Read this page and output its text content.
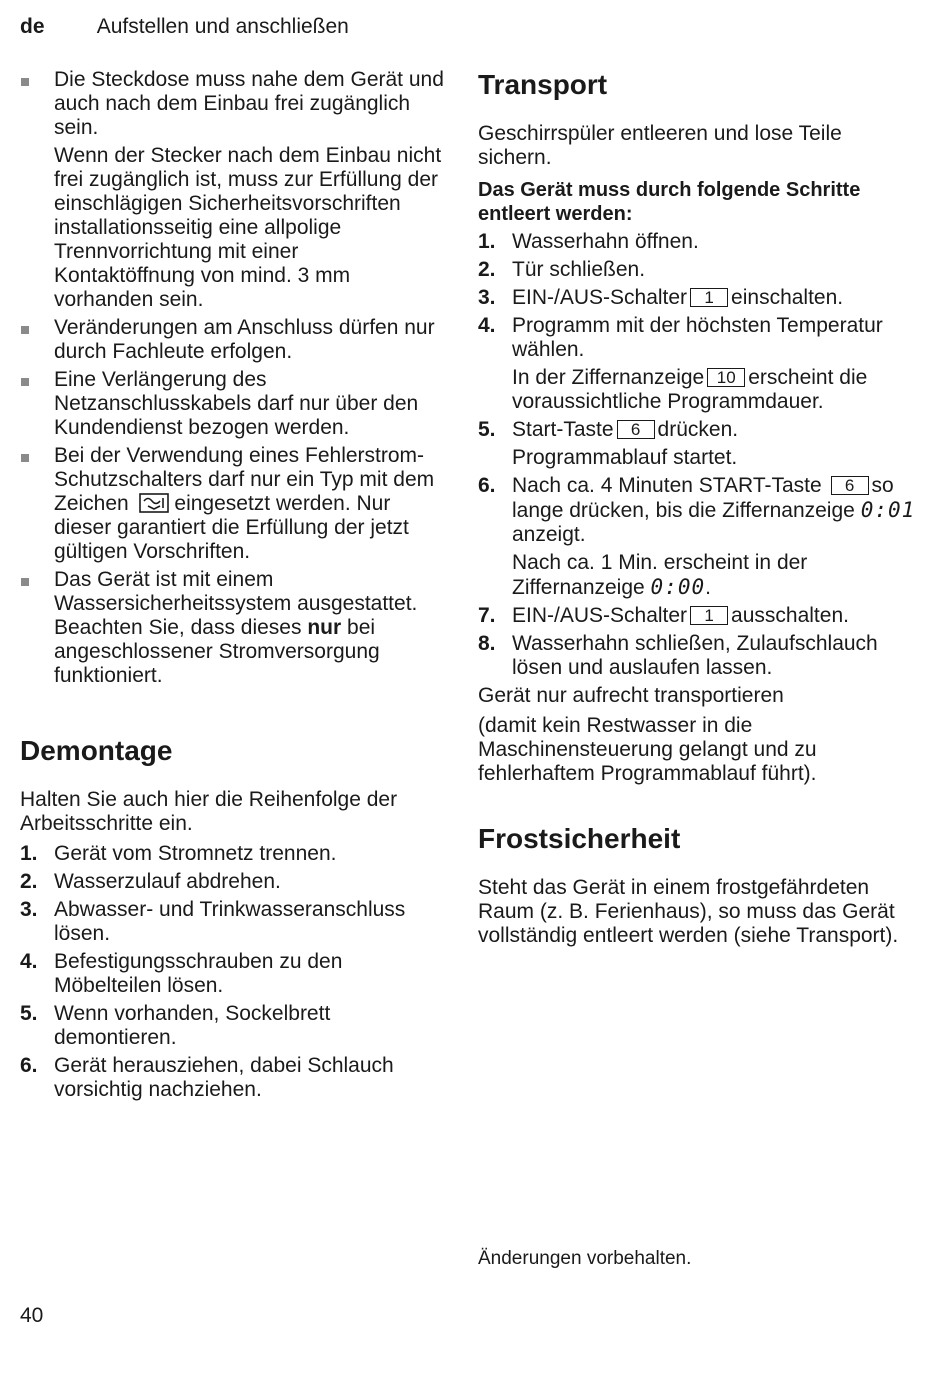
de Aufstellen und anschließen
Die Steckdose muss nahe dem Gerät und auch nach dem Einbau frei zugänglich sein.

Wenn der Stecker nach dem Einbau nicht frei zugänglich ist, muss zur Erfüllung der einschlägigen Sicherheitsvorschriften installationsseitig eine allpolige Trennvorrichtung mit einer Kontaktöffnung von mind. 3 mm vorhanden sein.

Veränderungen am Anschluss dürfen nur durch Fachleute erfolgen.
Eine Verlängerung des Netzanschlusskabels darf nur über den Kundendienst bezogen werden.
Bei der Verwendung eines Fehlerstrom-Schutzschalters darf nur ein Typ mit dem Zeichen eingesetzt werden. Nur dieser garantiert die Erfüllung der jetzt gültigen Vorschriften.
Das Gerät ist mit einem Wassersicherheitssystem ausgestattet. Beachten Sie, dass dieses nur bei angeschlossener Stromversorgung funktioniert.
Demontage

Halten Sie auch hier die Reihenfolge der Arbeitsschritte ein.

1. Gerät vom Stromnetz trennen.
2. Wasserzulauf abdrehen.
3. Abwasser- und Trinkwasseranschluss lösen.
4. Befestigungsschrauben zu den Möbelteilen lösen.
5. Wenn vorhanden, Sockelbrett demontieren.
6. Gerät herausziehen, dabei Schlauch vorsichtig nachziehen.
Transport

Geschirrspüler entleeren und lose Teile sichern.

Das Gerät muss durch folgende Schritte entleert werden:

1. Wasserhahn öffnen.
2. Tür schließen.
3. EIN-/AUS-Schalter 1 einschalten.
4. Programm mit der höchsten Temperatur wählen.

In der Ziffernanzeige 10 erscheint die voraussichtliche Programmdauer.

5. Start-Taste 6 drücken.

Programmablauf startet.

6. Nach ca. 4 Minuten START-Taste 6 so lange drücken, bis die Ziffernanzeige 0:01 anzeigt.

Nach ca. 1 Min. erscheint in der Ziffernanzeige 0:00.

7. EIN-/AUS-Schalter 1 ausschalten.
8. Wasserhahn schließen, Zulaufschlauch lösen und auslaufen lassen.

Gerät nur aufrecht transportieren

(damit kein Restwasser in die Maschinensteuerung gelangt und zu fehlerhaftem Programmablauf führt).

Frostsicherheit

Steht das Gerät in einem frostgefährdeten Raum (z. B. Ferienhaus), so muss das Gerät vollständig entleert werden (siehe Transport).

Änderungen vorbehalten.
40
